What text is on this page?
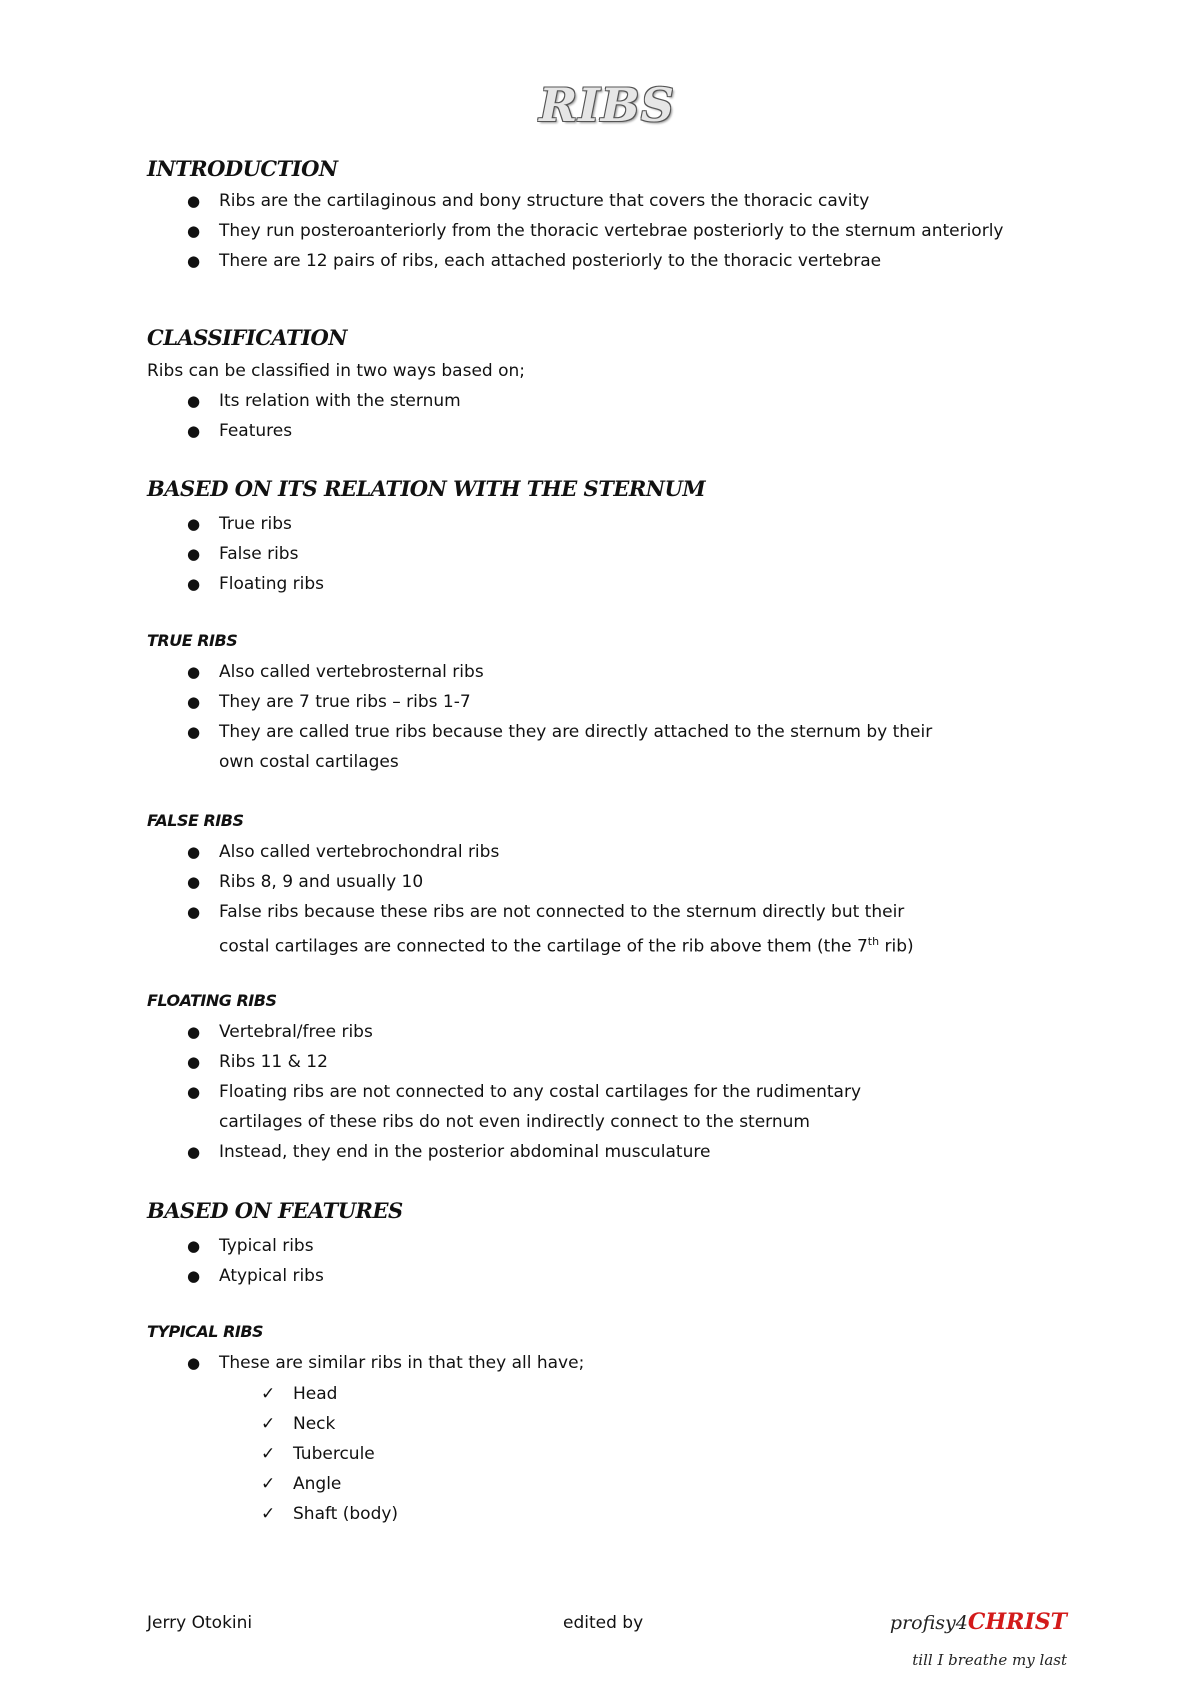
RIBS
INTRODUCTION
● Ribs are the cartilaginous and bony structure that covers the thoracic cavity
● They run posteroanteriorly from the thoracic vertebrae posteriorly to the sternum anteriorly
● There are 12 pairs of ribs, each attached posteriorly to the thoracic vertebrae
CLASSIFICATION
Ribs can be classified in two ways based on;
● Its relation with the sternum
● Features
BASED ON ITS RELATION WITH THE STERNUM
● True ribs
● False ribs
● Floating ribs
TRUE RIBS
● Also called vertebrosternal ribs
● They are 7 true ribs – ribs 1-7
● They are called true ribs because they are directly attached to the sternum by their own costal cartilages
FALSE RIBS
● Also called vertebrochondral ribs
● Ribs 8, 9 and usually 10
● False ribs because these ribs are not connected to the sternum directly but their costal cartilages are connected to the cartilage of the rib above them (the 7th rib)
FLOATING RIBS
● Vertebral/free ribs
● Ribs 11 & 12
● Floating ribs are not connected to any costal cartilages for the rudimentary cartilages of these ribs do not even indirectly connect to the sternum
● Instead, they end in the posterior abdominal musculature
BASED ON FEATURES
● Typical ribs
● Atypical ribs
TYPICAL RIBS
● These are similar ribs in that they all have;
✓ Head
✓ Neck
✓ Tubercule
✓ Angle
✓ Shaft (body)
Jerry Otokini	edited by	profisy4CHRIST
till I breathe my last
